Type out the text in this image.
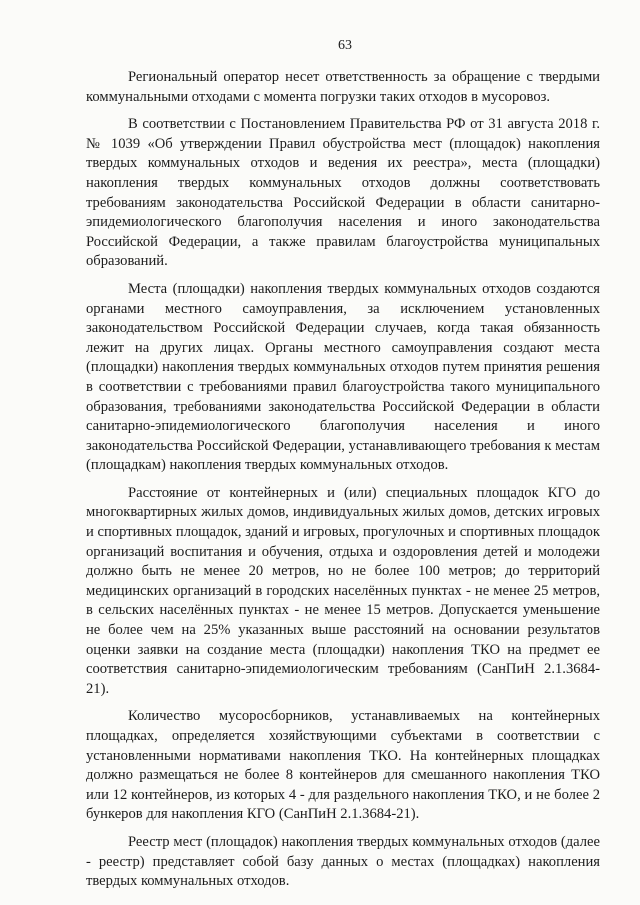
63

Региональный оператор несет ответственность за обращение с твердыми коммунальными отходами с момента погрузки таких отходов в мусоровоз.

В соответствии с Постановлением Правительства РФ от 31 августа 2018 г. № 1039 «Об утверждении Правил обустройства мест (площадок) накопления твердых коммунальных отходов и ведения их реестра», места (площадки) накопления твердых коммунальных отходов должны соответствовать требованиям законодательства Российской Федерации в области санитарно-эпидемиологического благополучия населения и иного законодательства Российской Федерации, а также правилам благоустройства муниципальных образований.

Места (площадки) накопления твердых коммунальных отходов создаются органами местного самоуправления, за исключением установленных законодательством Российской Федерации случаев, когда такая обязанность лежит на других лицах. Органы местного самоуправления создают места (площадки) накопления твердых коммунальных отходов путем принятия решения в соответствии с требованиями правил благоустройства такого муниципального образования, требованиями законодательства Российской Федерации в области санитарно-эпидемиологического благополучия населения и иного законодательства Российской Федерации, устанавливающего требования к местам (площадкам) накопления твердых коммунальных отходов.

Расстояние от контейнерных и (или) специальных площадок КГО до многоквартирных жилых домов, индивидуальных жилых домов, детских игровых и спортивных площадок, зданий и игровых, прогулочных и спортивных площадок организаций воспитания и обучения, отдыха и оздоровления детей и молодежи должно быть не менее 20 метров, но не более 100 метров; до территорий медицинских организаций в городских населённых пунктах - не менее 25 метров, в сельских населённых пунктах - не менее 15 метров. Допускается уменьшение не более чем на 25% указанных выше расстояний на основании результатов оценки заявки на создание места (площадки) накопления ТКО на предмет ее соответствия санитарно-эпидемиологическим требованиям (СанПиН 2.1.3684-21).

Количество мусоросборников, устанавливаемых на контейнерных площадках, определяется хозяйствующими субъектами в соответствии с установленными нормативами накопления ТКО. На контейнерных площадках должно размещаться не более 8 контейнеров для смешанного накопления ТКО или 12 контейнеров, из которых 4 - для раздельного накопления ТКО, и не более 2 бункеров для накопления КГО (СанПиН 2.1.3684-21).

Реестр мест (площадок) накопления твердых коммунальных отходов (далее - реестр) представляет собой базу данных о местах (площадках) накопления твердых коммунальных отходов.
